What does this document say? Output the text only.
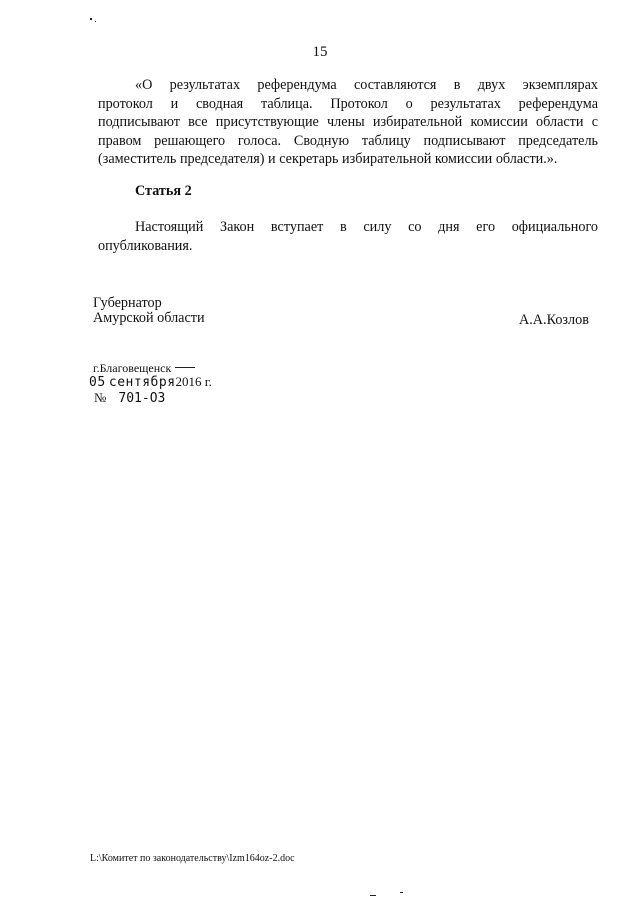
15
«О результатах референдума составляются в двух экземплярах
протокол и сводная таблица. Протокол о результатах референдума
подписывают все присутствующие члены избирательной комиссии области с
правом решающего голоса. Сводную таблицу подписывают председатель
(заместитель председателя) и секретарь избирательной комиссии области.».
Статья 2
Настоящий Закон вступает в силу со дня его официального
опубликования.
Губернатор
Амурской области	А.А.Козлов
г.Благовещенск
05 сентября2016 г.
№ 701-ОЗ
L:\Комитет по законодательству\Izm164oz-2.doc
